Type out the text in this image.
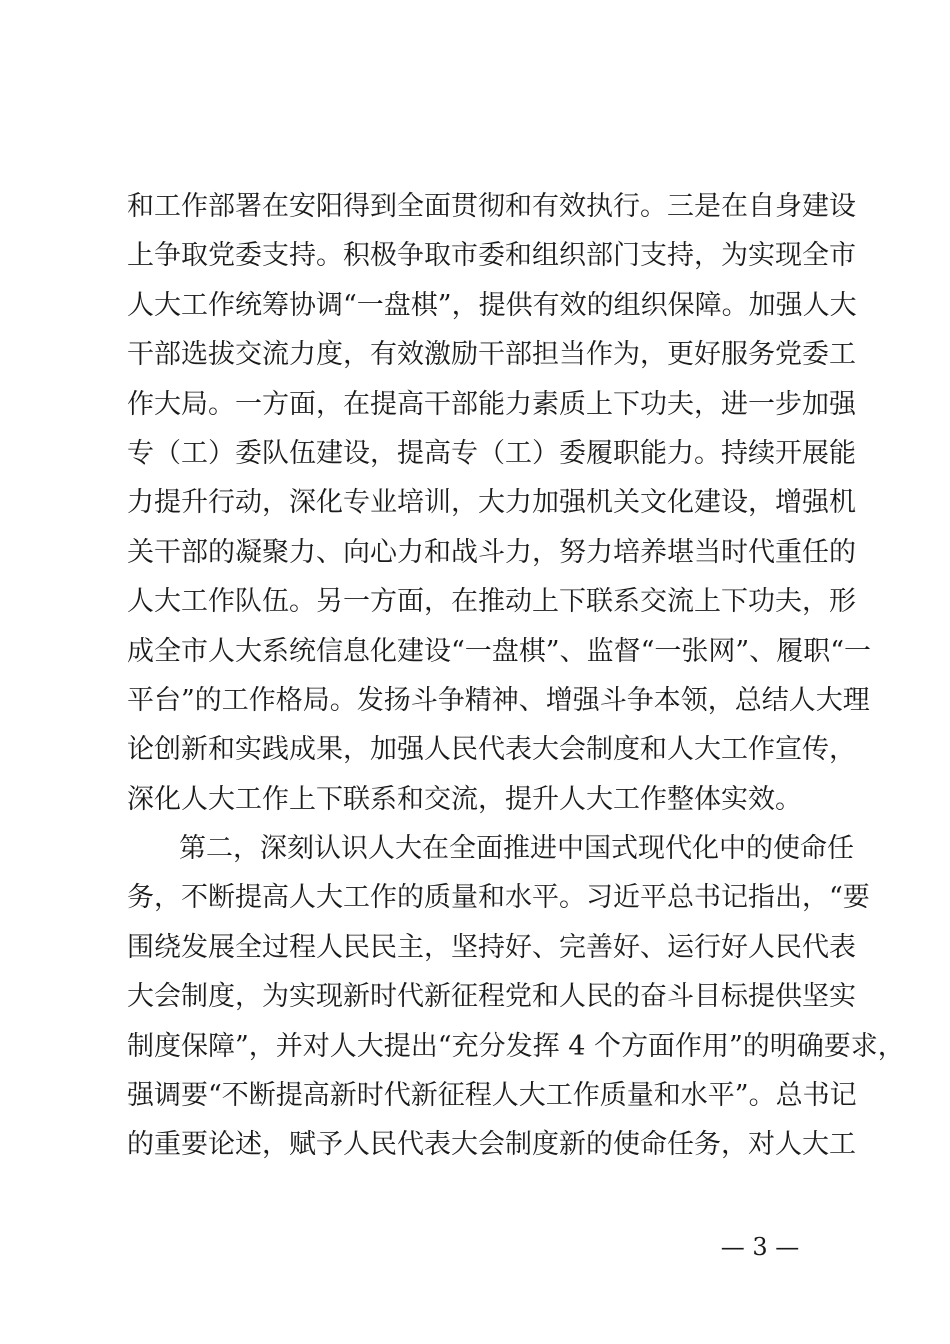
和工作部署在安阳得到全面贯彻和有效执行。三是在自身建设
上争取党委支持。积极争取市委和组织部门支持，为实现全市
人大工作统筹协调“一盘棋”，提供有效的组织保障。加强人大
干部选拔交流力度，有效激励干部担当作为，更好服务党委工
作大局。一方面，在提高干部能力素质上下功夫，进一步加强
专（工）委队伍建设，提高专（工）委履职能力。持续开展能
力提升行动，深化专业培训，大力加强机关文化建设，增强机
关干部的凝聚力、向心力和战斗力，努力培养堪当时代重任的
人大工作队伍。另一方面，在推动上下联系交流上下功夫，形
成全市人大系统信息化建设“一盘棋”、监督“一张网”、履职“一
平台”的工作格局。发扬斗争精神、增强斗争本领，总结人大理
论创新和实践成果，加强人民代表大会制度和人大工作宣传，
深化人大工作上下联系和交流，提升人大工作整体实效。
第二，深刻认识人大在全面推进中国式现代化中的使命任
务，不断提高人大工作的质量和水平。习近平总书记指出，“要
围绕发展全过程人民民主，坚持好、完善好、运行好人民代表
大会制度，为实现新时代新征程党和人民的奋斗目标提供坚实
制度保障”，并对人大提出“充分发挥 4 个方面作用”的明确要求，
强调要“不断提高新时代新征程人大工作质量和水平”。总书记
的重要论述，赋予人民代表大会制度新的使命任务，对人大工
— 3 —
